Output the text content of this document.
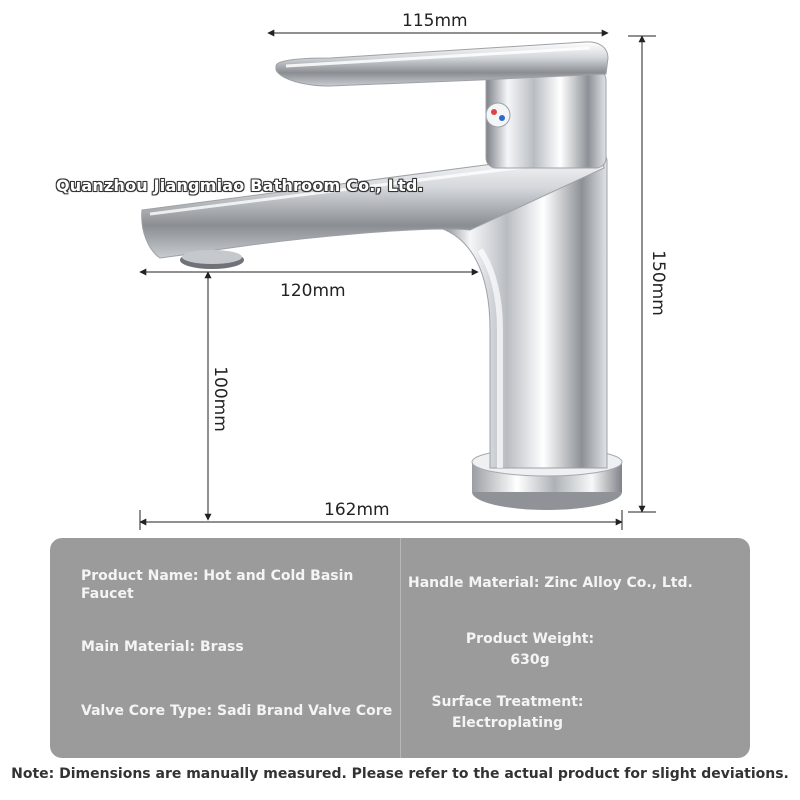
115mm
150mm
120mm
100mm
162mm
Quanzhou Jiangmiao Bathroom Co., Ltd.
Product Name: Hot and Cold Basin Faucet
Handle Material: Zinc Alloy Co., Ltd.
Main Material: Brass	Product Weight:
630g
Valve Core Type: Sadi Brand Valve Core
Surface Treatment:
Electroplating
Note: Dimensions are manually measured. Please refer to the actual product for slight deviations.
